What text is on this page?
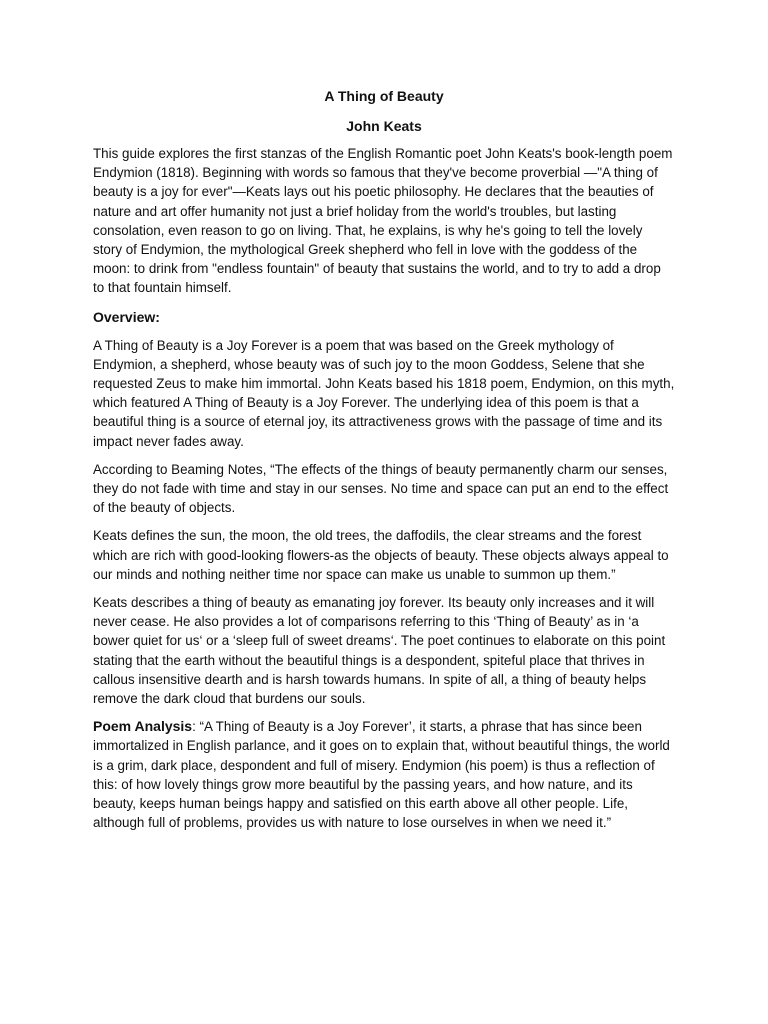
A Thing of Beauty
John Keats

This guide explores the first stanzas of the English Romantic poet John Keats's book-length poem Endymion (1818). Beginning with words so famous that they've become proverbial —"A thing of beauty is a joy for ever"—Keats lays out his poetic philosophy. He declares that the beauties of nature and art offer humanity not just a brief holiday from the world's troubles, but lasting consolation, even reason to go on living. That, he explains, is why he's going to tell the lovely story of Endymion, the mythological Greek shepherd who fell in love with the goddess of the moon: to drink from "endless fountain" of beauty that sustains the world, and to try to add a drop to that fountain himself.

Overview:

A Thing of Beauty is a Joy Forever is a poem that was based on the Greek mythology of Endymion, a shepherd, whose beauty was of such joy to the moon Goddess, Selene that she requested Zeus to make him immortal. John Keats based his 1818 poem, Endymion, on this myth, which featured A Thing of Beauty is a Joy Forever. The underlying idea of this poem is that a beautiful thing is a source of eternal joy, its attractiveness grows with the passage of time and its impact never fades away.

According to Beaming Notes, “The effects of the things of beauty permanently charm our senses, they do not fade with time and stay in our senses. No time and space can put an end to the effect of the beauty of objects.

Keats defines the sun, the moon, the old trees, the daffodils, the clear streams and the forest which are rich with good-looking flowers-as the objects of beauty. These objects always appeal to our minds and nothing neither time nor space can make us unable to summon up them.”

Keats describes a thing of beauty as emanating joy forever. Its beauty only increases and it will never cease. He also provides a lot of comparisons referring to this ‘Thing of Beauty’ as in ‘a bower quiet for us‘ or a ‘sleep full of sweet dreams‘. The poet continues to elaborate on this point stating that the earth without the beautiful things is a despondent, spiteful place that thrives in callous insensitive dearth and is harsh towards humans. In spite of all, a thing of beauty helps remove the dark cloud that burdens our souls.

Poem Analysis: “A Thing of Beauty is a Joy Forever’, it starts, a phrase that has since been immortalized in English parlance, and it goes on to explain that, without beautiful things, the world is a grim, dark place, despondent and full of misery. Endymion (his poem) is thus a reflection of this: of how lovely things grow more beautiful by the passing years, and how nature, and its beauty, keeps human beings happy and satisfied on this earth above all other people. Life, although full of problems, provides us with nature to lose ourselves in when we need it.”
